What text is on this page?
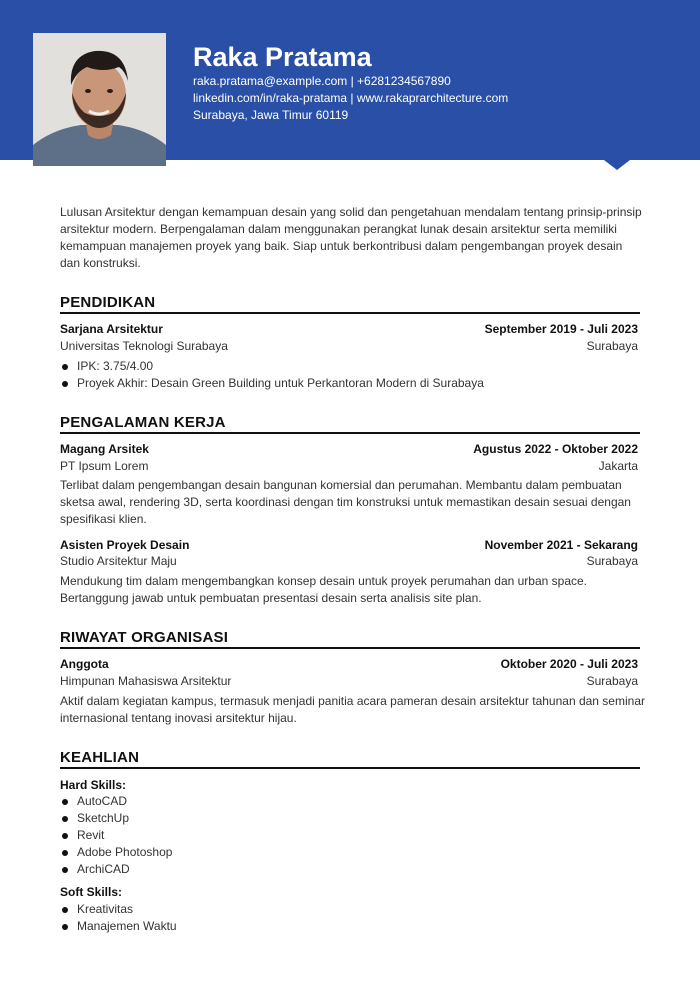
Raka Pratama
raka.pratama@example.com | +6281234567890
linkedin.com/in/raka-pratama | www.rakaprarchitecture.com
Surabaya, Jawa Timur 60119
Lulusan Arsitektur dengan kemampuan desain yang solid dan pengetahuan mendalam tentang prinsip-prinsip arsitektur modern. Berpengalaman dalam menggunakan perangkat lunak desain arsitektur serta memiliki kemampuan manajemen proyek yang baik. Siap untuk berkontribusi dalam pengembangan proyek desain dan konstruksi.
PENDIDIKAN
Sarjana Arsitektur	September 2019 - Juli 2023
Universitas Teknologi Surabaya	Surabaya
IPK: 3.75/4.00
Proyek Akhir: Desain Green Building untuk Perkantoran Modern di Surabaya
PENGALAMAN KERJA
Magang Arsitek	Agustus 2022 - Oktober 2022
PT Ipsum Lorem	Jakarta
Terlibat dalam pengembangan desain bangunan komersial dan perumahan. Membantu dalam pembuatan sketsa awal, rendering 3D, serta koordinasi dengan tim konstruksi untuk memastikan desain sesuai dengan spesifikasi klien.
Asisten Proyek Desain	November 2021 - Sekarang
Studio Arsitektur Maju	Surabaya
Mendukung tim dalam mengembangkan konsep desain untuk proyek perumahan dan urban space. Bertanggung jawab untuk pembuatan presentasi desain serta analisis site plan.
RIWAYAT ORGANISASI
Anggota	Oktober 2020 - Juli 2023
Himpunan Mahasiswa Arsitektur	Surabaya
Aktif dalam kegiatan kampus, termasuk menjadi panitia acara pameran desain arsitektur tahunan dan seminar internasional tentang inovasi arsitektur hijau.
KEAHLIAN
Hard Skills:
AutoCAD
SketchUp
Revit
Adobe Photoshop
ArchiCAD
Soft Skills:
Kreativitas
Manajemen Waktu
